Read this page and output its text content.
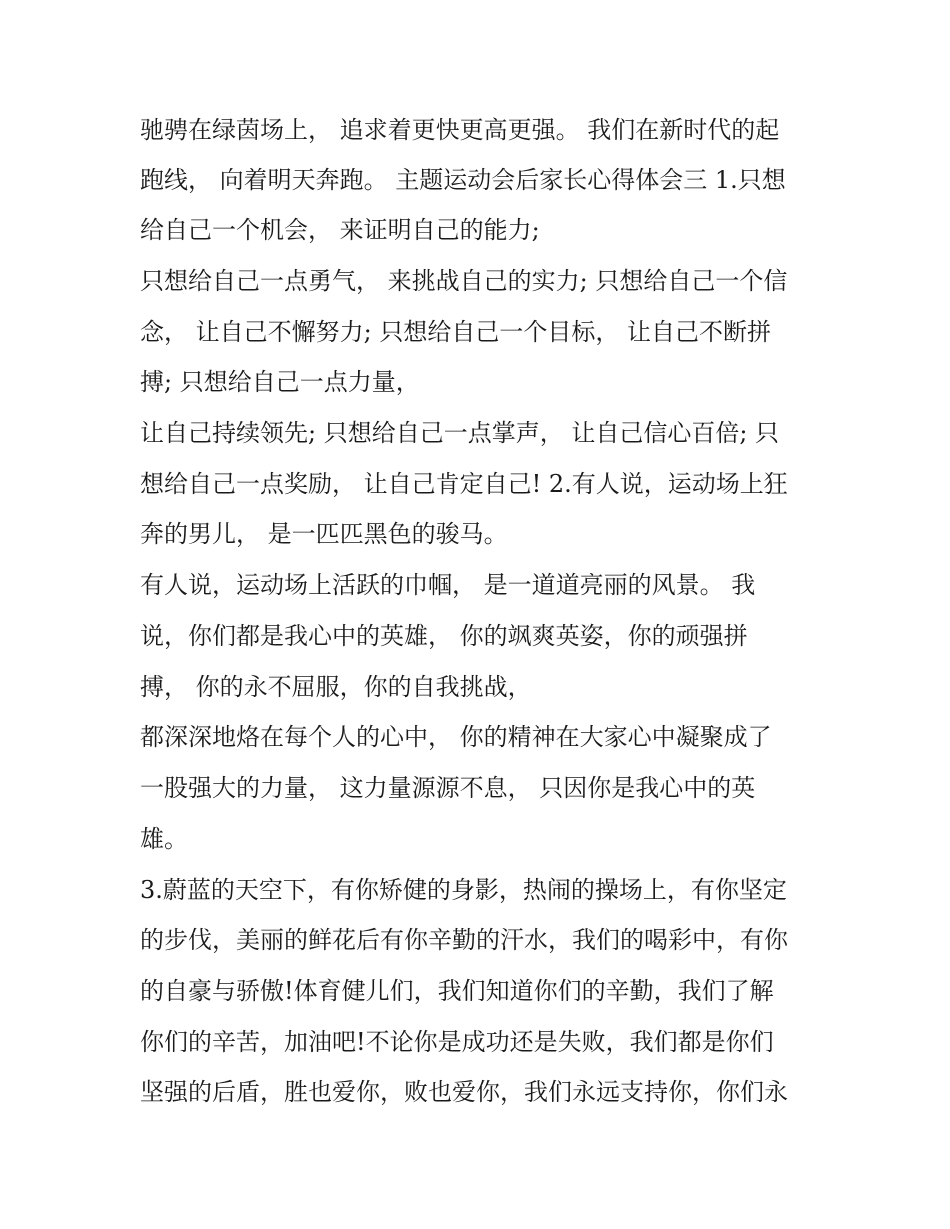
驰骋在绿茵场上， 追求着更快更高更强。 我们在新时代的起
跑线， 向着明天奔跑。 主题运动会后家长心得体会三 1.只想
给自己一个机会， 来证明自己的能力;
只想给自己一点勇气， 来挑战自己的实力; 只想给自己一个信
念， 让自己不懈努力; 只想给自己一个目标， 让自己不断拼
搏; 只想给自己一点力量，
让自己持续领先; 只想给自己一点掌声， 让自己信心百倍; 只
想给自己一点奖励， 让自己肯定自己! 2.有人说，运动场上狂
奔的男儿， 是一匹匹黑色的骏马。
有人说，运动场上活跃的巾帼， 是一道道亮丽的风景。 我
说，你们都是我心中的英雄， 你的飒爽英姿，你的顽强拼
搏， 你的永不屈服，你的自我挑战，
都深深地烙在每个人的心中， 你的精神在大家心中凝聚成了
一股强大的力量， 这力量源源不息， 只因你是我心中的英
雄。
3.蔚蓝的天空下，有你矫健的身影，热闹的操场上，有你坚定
的步伐，美丽的鲜花后有你辛勤的汗水，我们的喝彩中，有你
的自豪与骄傲!体育健儿们，我们知道你们的辛勤，我们了解
你们的辛苦，加油吧!不论你是成功还是失败，我们都是你们
坚强的后盾，胜也爱你，败也爱你，我们永远支持你，你们永
